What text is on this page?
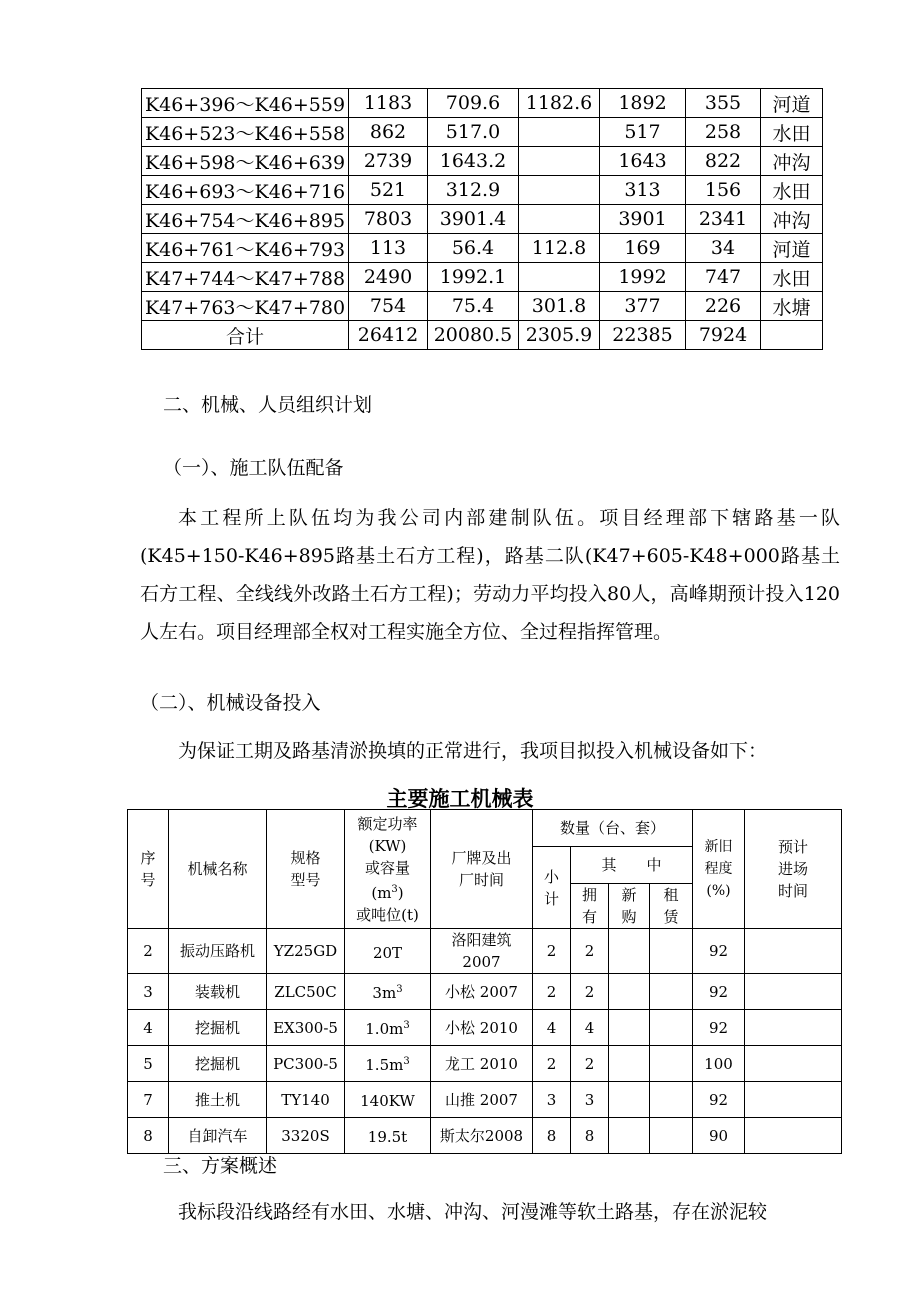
K46+396～K46+559	1183	709.6	1182.6	1892	355	河道
K46+523～K46+558	862	517.0		517	258	水田
K46+598～K46+639	2739	1643.2		1643	822	冲沟
K46+693～K46+716	521	312.9		313	156	水田
K46+754～K46+895	7803	3901.4		3901	2341	冲沟
K46+761～K46+793	113	56.4	112.8	169	34	河道
K47+744～K47+788	2490	1992.1		1992	747	水田
K47+763～K47+780	754	75.4	301.8	377	226	水塘
合计	26412	20080.5	2305.9	22385	7924	
二、机械、人员组织计划
（一）、施工队伍配备
本工程所上队伍均为我公司内部建制队伍。项目经理部下辖路基一队(K45+150-K46+895路基土石方工程)，路基二队(K47+605-K48+000路基土石方工程、全线线外改路土石方工程)；劳动力平均投入80人，高峰期预计投入120人左右。项目经理部全权对工程实施全方位、全过程指挥管理。
（二）、机械设备投入
为保证工期及路基清淤换填的正常进行，我项目拟投入机械设备如下：
主要施工机械表
序号	机械名称	规格型号	额定功率
(KW)
或容量
$(m^3)$
或吨位(t)	厂牌及出厂时间	数量（台、套）				新旧程度(%)	预计进场时间
					小计	其　　中				
						拥有	新购	租赁		
2	振动压路机	YZ25GD	20T	洛阳建筑2007	2	2			92	
3	装载机	ZLC50C	$3m^3$	小松 2007	2	2			92	
4	挖掘机	EX300-5	$1.0m^3$	小松 2010	4	4			92	
5	挖掘机	PC300-5	$1.5m^3$	龙工 2010	2	2			100	
7	推土机	TY140	140KW	山推 2007	3	3			92	
8	自卸汽车	3320S	19.5t	斯太尔2008	8	8			90	
三、方案概述
我标段沿线路经有水田、水塘、冲沟、河漫滩等软土路基，存在淤泥较
